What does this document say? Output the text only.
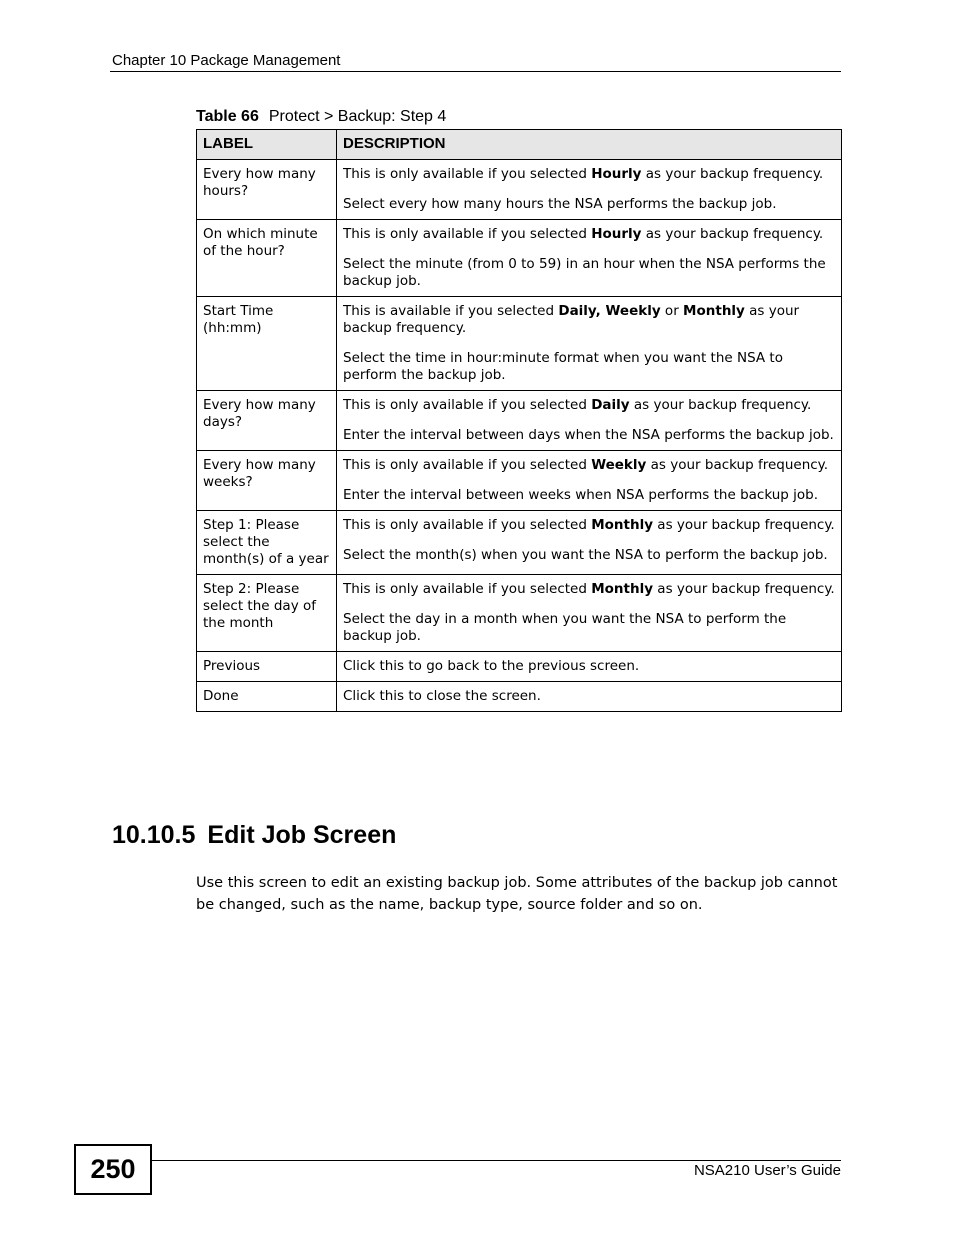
Chapter 10 Package Management
Table 66 Protect > Backup: Step 4
LABEL	DESCRIPTION
Every how many hours?	This is only available if you selected Hourly as your backup frequency.

Select every how many hours the NSA performs the backup job.

On which minute of the hour?	This is only available if you selected Hourly as your backup frequency.

Select the minute (from 0 to 59) in an hour when the NSA performs the backup job.

Start Time (hh:mm)	This is available if you selected Daily, Weekly or Monthly as your backup frequency.

Select the time in hour:minute format when you want the NSA to perform the backup job.

Every how many days?	This is only available if you selected Daily as your backup frequency.

Enter the interval between days when the NSA performs the backup job.

Every how many weeks?	This is only available if you selected Weekly as your backup frequency.

Enter the interval between weeks when NSA performs the backup job.

Step 1: Please select the month(s) of a year	This is only available if you selected Monthly as your backup frequency.

Select the month(s) when you want the NSA to perform the backup job.

Step 2: Please select the day of the month	This is only available if you selected Monthly as your backup frequency.

Select the day in a month when you want the NSA to perform the backup job.

Previous	Click this to go back to the previous screen.

Done	Click this to close the screen.

10.10.5 Edit Job Screen

Use this screen to edit an existing backup job. Some attributes of the backup job cannot be changed, such as the name, backup type, source folder and so on.

250	NSA210 User’s Guide
